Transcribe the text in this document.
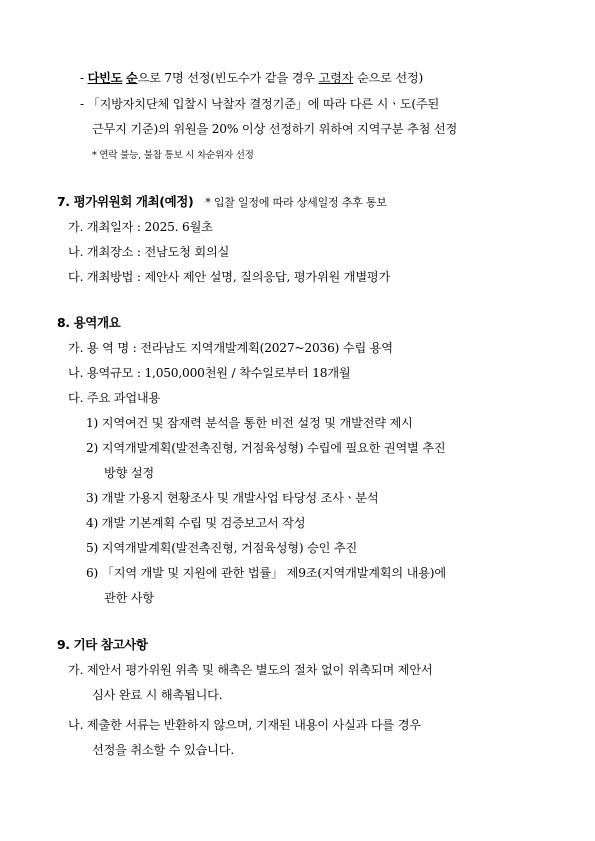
- 다빈도 순으로 7명 선정(빈도수가 같을 경우 고령자 순으로 선정)
- 「지방자치단체 입찰시 낙찰자 결정기준」에 따라 다른 시ㆍ도(주된
근무지 기준)의 위원을 20% 이상 선정하기 위하여 지역구분 추첨 선정
* 연락 불능, 불참 통보 시 차순위자 선정
7. 평가위원회 개최(예정) * 입찰 일정에 따라 상세일정 추후 통보
가. 개최일자 : 2025. 6월초
나. 개최장소 : 전남도청 회의실
다. 개최방법 : 제안사 제안 설명, 질의응답, 평가위원 개별평가
8. 용역개요
가. 용 역 명 : 전라남도 지역개발계획(2027~2036) 수립 용역
나. 용역규모 : 1,050,000천원 / 착수일로부터 18개월
다. 주요 과업내용
1) 지역여건 및 잠재력 분석을 통한 비전 설정 및 개발전략 제시
2) 지역개발계획(발전촉진형, 거점육성형) 수립에 필요한 권역별 추진
방향 설정
3) 개발 가용지 현황조사 및 개발사업 타당성 조사ㆍ분석
4) 개발 기본계획 수립 및 검증보고서 작성
5) 지역개발계획(발전촉진형, 거점육성형) 승인 추진
6) 「지역 개발 및 지원에 관한 법률」 제9조(지역개발계획의 내용)에
관한 사항
9. 기타 참고사항
가. 제안서 평가위원 위촉 및 해촉은 별도의 절차 없이 위촉되며 제안서
심사 완료 시 해촉됩니다.
나. 제출한 서류는 반환하지 않으며, 기재된 내용이 사실과 다를 경우
선정을 취소할 수 있습니다.
